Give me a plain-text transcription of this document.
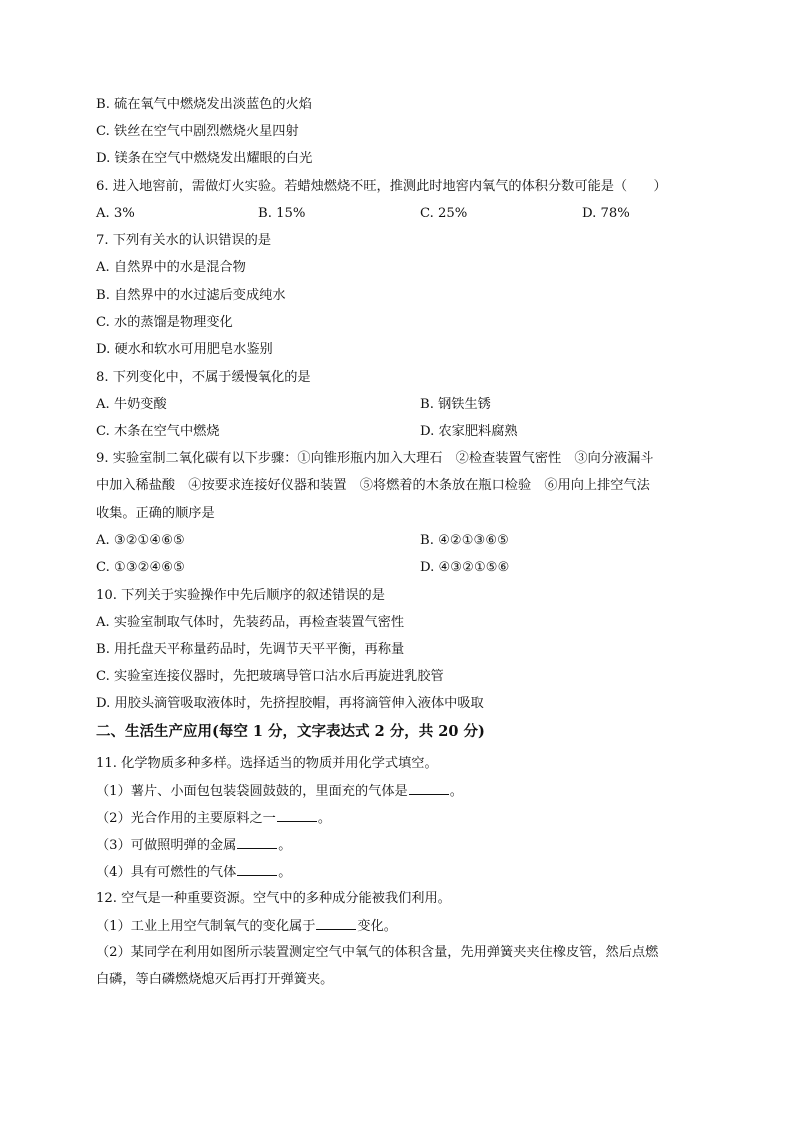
B. 硫在氧气中燃烧发出淡蓝色的火焰
C. 铁丝在空气中剧烈燃烧火星四射
D. 镁条在空气中燃烧发出耀眼的白光
6. 进入地窖前，需做灯火实验。若蜡烛燃烧不旺，推测此时地窖内氧气的体积分数可能是（　　）
A. 3%	B. 15%	C. 25%	D. 78%
7. 下列有关水的认识错误的是
A. 自然界中的水是混合物
B. 自然界中的水过滤后变成纯水
C. 水的蒸馏是物理变化
D. 硬水和软水可用肥皂水鉴别
8. 下列变化中，不属于缓慢氧化的是
A. 牛奶变酸	B. 钢铁生锈
C. 木条在空气中燃烧	D. 农家肥料腐熟
9. 实验室制二氧化碳有以下步骤：①向锥形瓶内加入大理石　②检查装置气密性　③向分液漏斗
中加入稀盐酸　④按要求连接好仪器和装置　⑤将燃着的木条放在瓶口检验　⑥用向上排空气法
收集。正确的顺序是
A. ③②①④⑥⑤	B. ④②①③⑥⑤
C. ①③②④⑥⑤	D. ④③②①⑤⑥
10. 下列关于实验操作中先后顺序的叙述错误的是
A. 实验室制取气体时，先装药品，再检查装置气密性
B. 用托盘天平称量药品时，先调节天平平衡，再称量
C. 实验室连接仪器时，先把玻璃导管口沾水后再旋进乳胶管
D. 用胶头滴管吸取液体时，先挤捏胶帽，再将滴管伸入液体中吸取
二、生活生产应用(每空 1 分，文字表达式 2 分，共 20 分)
11. 化学物质多种多样。选择适当的物质并用化学式填空。
（1）薯片、小面包包装袋圆鼓鼓的，里面充的气体是	。
（2）光合作用的主要原料之一	。
（3）可做照明弹的金属	。
（4）具有可燃性的气体	。
12. 空气是一种重要资源。空气中的多种成分能被我们利用。
（1）工业上用空气制氧气的变化属于	变化。
（2）某同学在利用如图所示装置测定空气中氧气的体积含量，先用弹簧夹夹住橡皮管，然后点燃
白磷，等白磷燃烧熄灭后再打开弹簧夹。
